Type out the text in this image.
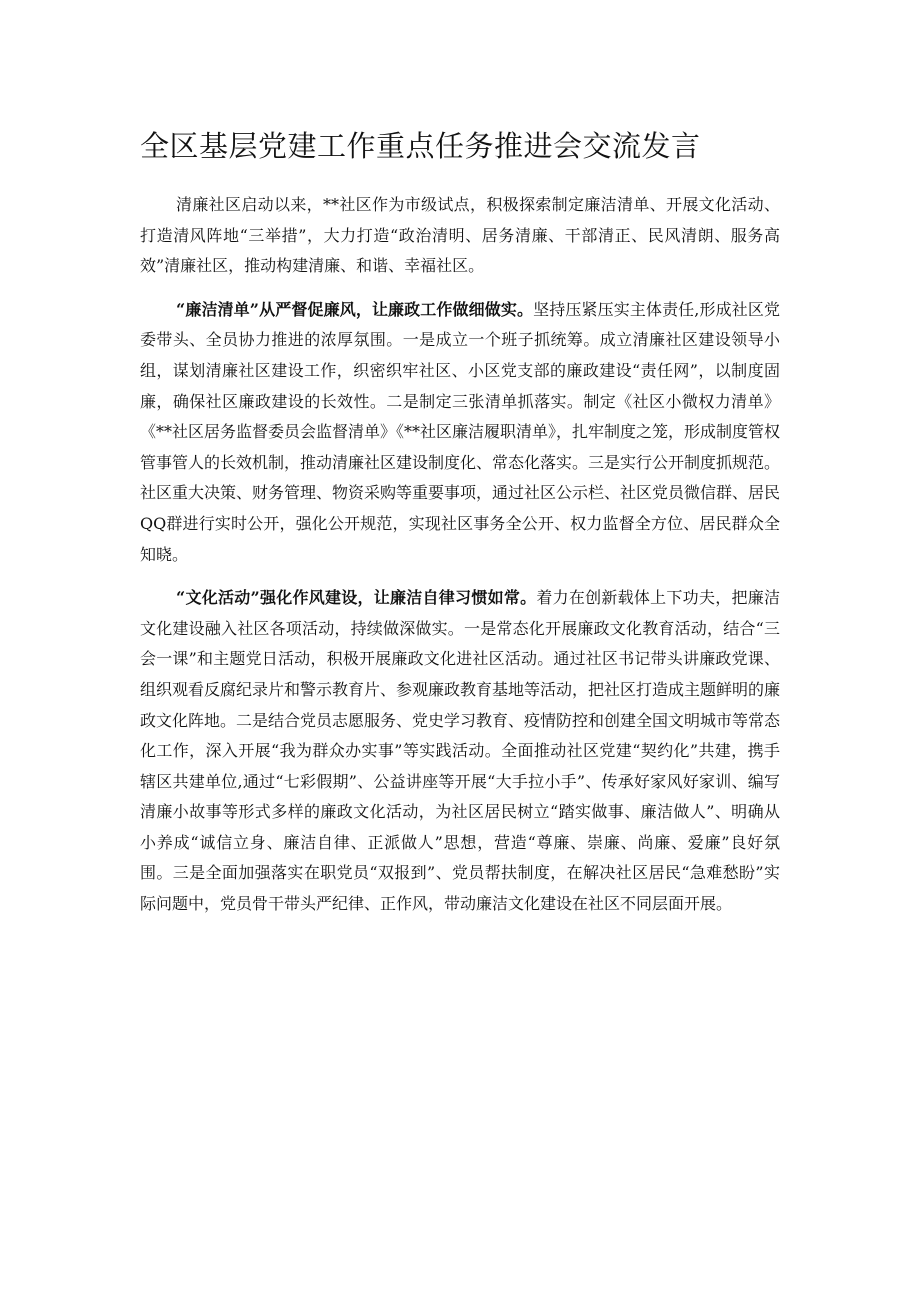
全区基层党建工作重点任务推进会交流发言

清廉社区启动以来，**社区作为市级试点，积极探索制定廉洁清单、开展文化活动、打造清风阵地“三举措”，大力打造“政治清明、居务清廉、干部清正、民风清朗、服务高效”清廉社区，推动构建清廉、和谐、幸福社区。

“廉洁清单”从严督促廉风，让廉政工作做细做实。坚持压紧压实主体责任,形成社区党委带头、全员协力推进的浓厚氛围。一是成立一个班子抓统筹。成立清廉社区建设领导小组，谋划清廉社区建设工作，织密织牢社区、小区党支部的廉政建设“责任网”，以制度固廉，确保社区廉政建设的长效性。二是制定三张清单抓落实。制定《社区小微权力清单》《**社区居务监督委员会监督清单》《**社区廉洁履职清单》，扎牢制度之笼，形成制度管权管事管人的长效机制，推动清廉社区建设制度化、常态化落实。三是实行公开制度抓规范。社区重大决策、财务管理、物资采购等重要事项，通过社区公示栏、社区党员微信群、居民QQ群进行实时公开，强化公开规范，实现社区事务全公开、权力监督全方位、居民群众全知晓。

“文化活动”强化作风建设，让廉洁自律习惯如常。着力在创新载体上下功夫，把廉洁文化建设融入社区各项活动，持续做深做实。一是常态化开展廉政文化教育活动，结合“三会一课”和主题党日活动，积极开展廉政文化进社区活动。通过社区书记带头讲廉政党课、组织观看反腐纪录片和警示教育片、参观廉政教育基地等活动，把社区打造成主题鲜明的廉政文化阵地。二是结合党员志愿服务、党史学习教育、疫情防控和创建全国文明城市等常态化工作，深入开展“我为群众办实事”等实践活动。全面推动社区党建“契约化”共建，携手辖区共建单位,通过“七彩假期”、公益讲座等开展“大手拉小手”、传承好家风好家训、编写清廉小故事等形式多样的廉政文化活动，为社区居民树立“踏实做事、廉洁做人”、明确从小养成“诚信立身、廉洁自律、正派做人”思想，营造“尊廉、崇廉、尚廉、爱廉”良好氛围。三是全面加强落实在职党员“双报到”、党员帮扶制度，在解决社区居民“急难愁盼”实际问题中，党员骨干带头严纪律、正作风，带动廉洁文化建设在社区不同层面开展。
